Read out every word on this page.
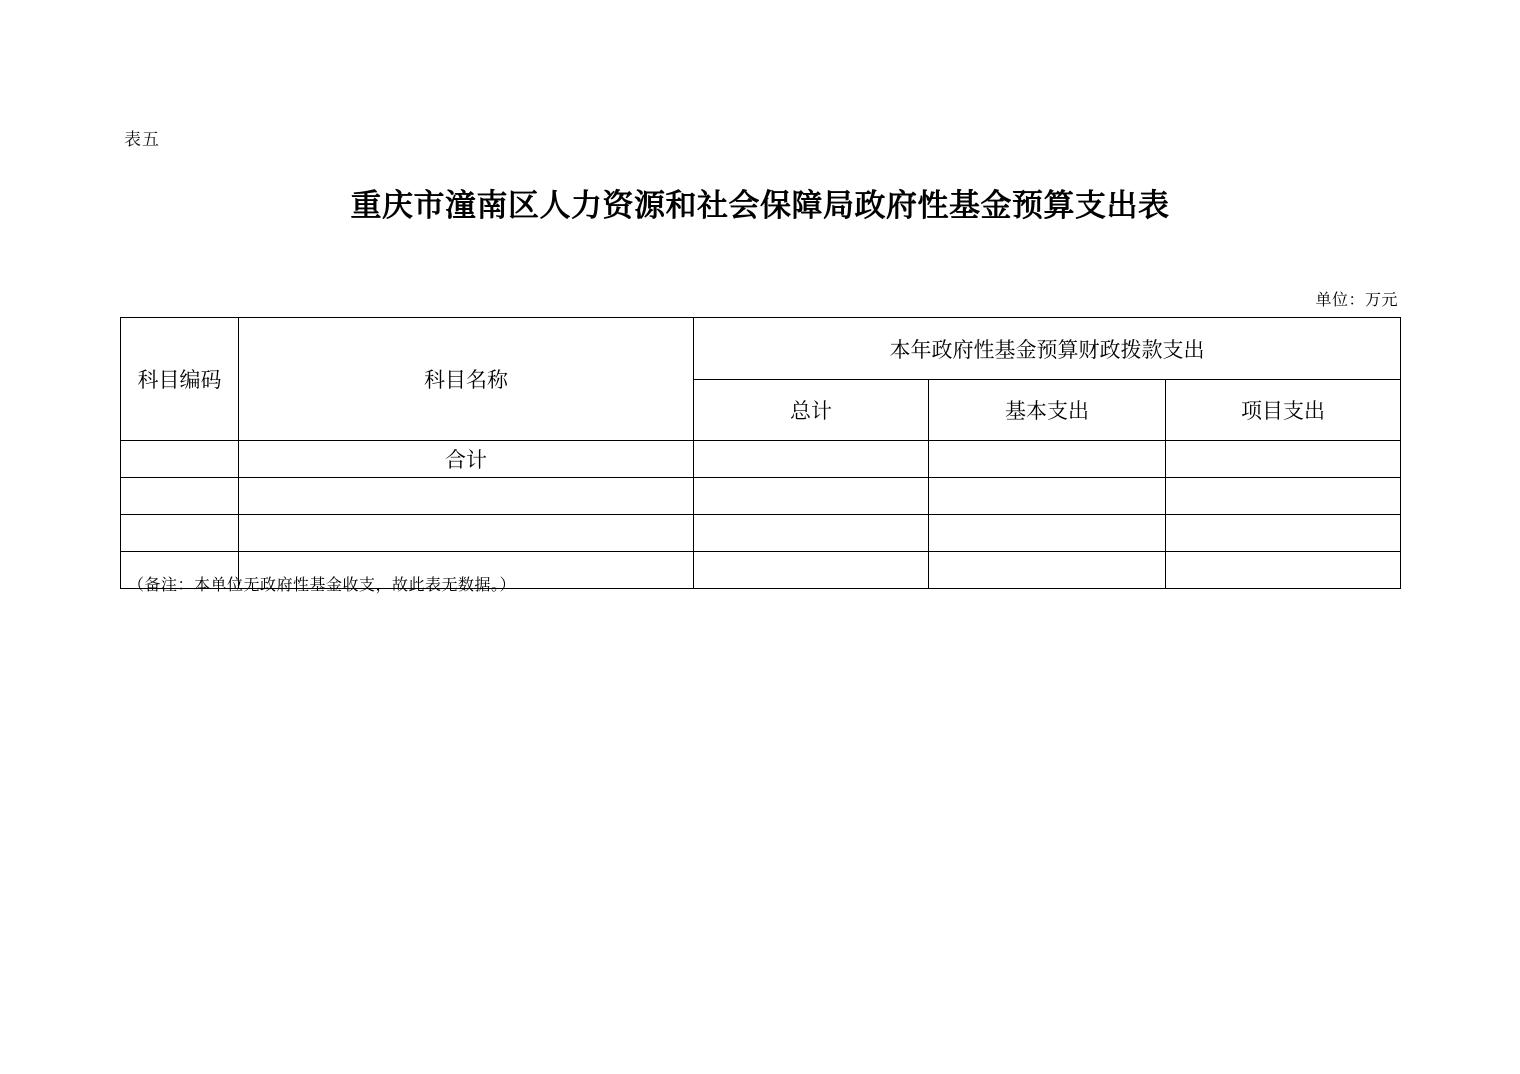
表五
重庆市潼南区人力资源和社会保障局政府性基金预算支出表
单位：万元
科目编码	科目名称	本年政府性基金预算财政拨款支出		
		总计	基本支出	项目支出
	合计			

（备注：本单位无政府性基金收支，故此表无数据。）
